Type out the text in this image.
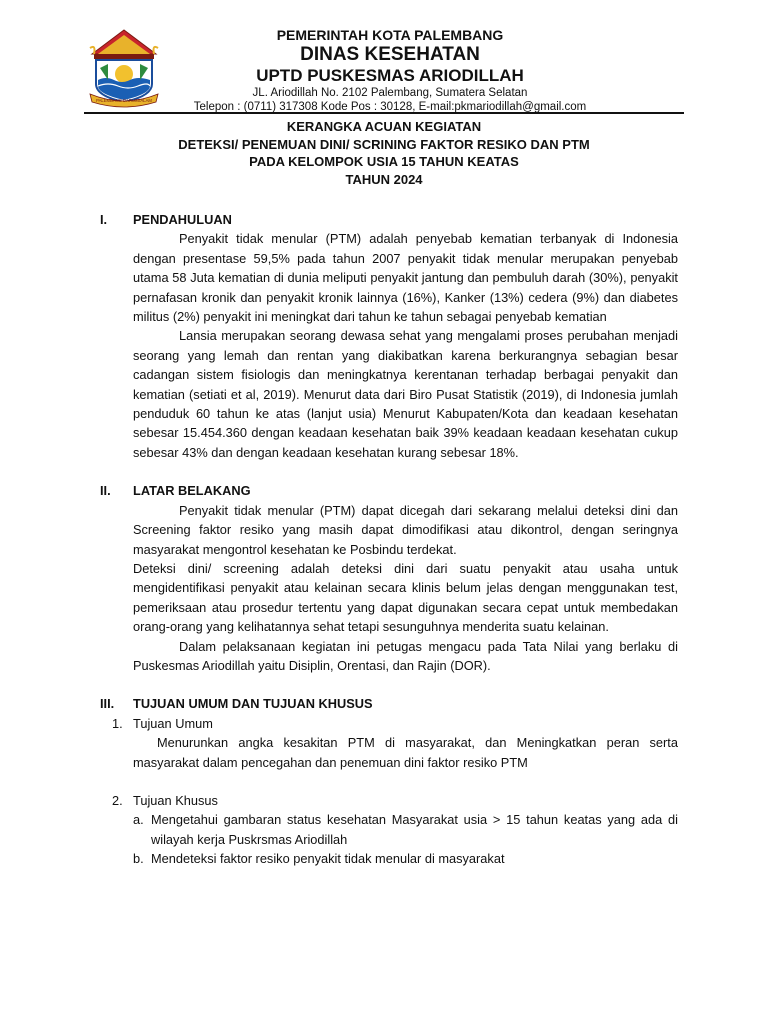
PALEMBANG DARUSSALAM
PEMERINTAH KOTA PALEMBANG
DINAS KESEHATAN
UPTD PUSKESMAS ARIODILLAH
JL. Ariodillah No. 2102 Palembang, Sumatera Selatan
Telepon : (0711) 317308 Kode Pos : 30128, E-mail:pkmariodillah@gmail.com
KERANGKA ACUAN KEGIATAN
DETEKSI/ PENEMUAN DINI/ SCRINING FAKTOR RESIKO DAN PTM
PADA KELOMPOK USIA 15 TAHUN KEATAS
TAHUN 2024
I. PENDAHULUAN

Penyakit tidak menular (PTM) adalah penyebab kematian terbanyak di Indonesia dengan presentase 59,5% pada tahun 2007 penyakit tidak menular merupakan penyebab utama 58 Juta kematian di dunia meliputi penyakit jantung dan pembuluh darah (30%), penyakit pernafasan kronik dan penyakit kronik lainnya (16%), Kanker (13%) cedera (9%) dan diabetes militus (2%) penyakit ini meningkat dari tahun ke tahun sebagai penyebab kematian

Lansia merupakan seorang dewasa sehat yang mengalami proses perubahan menjadi seorang yang lemah dan rentan yang diakibatkan karena berkurangnya sebagian besar cadangan sistem fisiologis dan meningkatnya kerentanan terhadap berbagai penyakit dan kematian (setiati et al, 2019). Menurut data dari Biro Pusat Statistik (2019), di Indonesia jumlah penduduk 60 tahun ke atas (lanjut usia) Menurut Kabupaten/Kota dan keadaan kesehatan sebesar 15.454.360 dengan keadaan kesehatan baik 39% keadaan keadaan kesehatan cukup sebesar 43% dan dengan keadaan kesehatan kurang sebesar 18%.

II. LATAR BELAKANG

Penyakit tidak menular (PTM) dapat dicegah dari sekarang melalui deteksi dini dan Screening faktor resiko yang masih dapat dimodifikasi atau dikontrol, dengan seringnya masyarakat mengontrol kesehatan ke Posbindu terdekat.

Deteksi dini/ screening adalah deteksi dini dari suatu penyakit atau usaha untuk mengidentifikasi penyakit atau kelainan secara klinis belum jelas dengan menggunakan test, pemeriksaan atau prosedur tertentu yang dapat digunakan secara cepat untuk membedakan orang-orang yang kelihatannya sehat tetapi sesunguhnya menderita suatu kelainan.

Dalam pelaksanaan kegiatan ini petugas mengacu pada Tata Nilai yang berlaku di Puskesmas Ariodillah yaitu Disiplin, Orentasi, dan Rajin (DOR).

III. TUJUAN UMUM DAN TUJUAN KHUSUS
1. Tujuan Umum

Menurunkan angka kesakitan PTM di masyarakat, dan Meningkatkan peran serta masyarakat dalam pencegahan dan penemuan dini faktor resiko PTM

2. Tujuan Khusus
a. Mengetahui gambaran status kesehatan Masyarakat usia > 15 tahun keatas yang ada di wilayah kerja Puskrsmas Ariodillah
b. Mendeteksi faktor resiko penyakit tidak menular di masyarakat
